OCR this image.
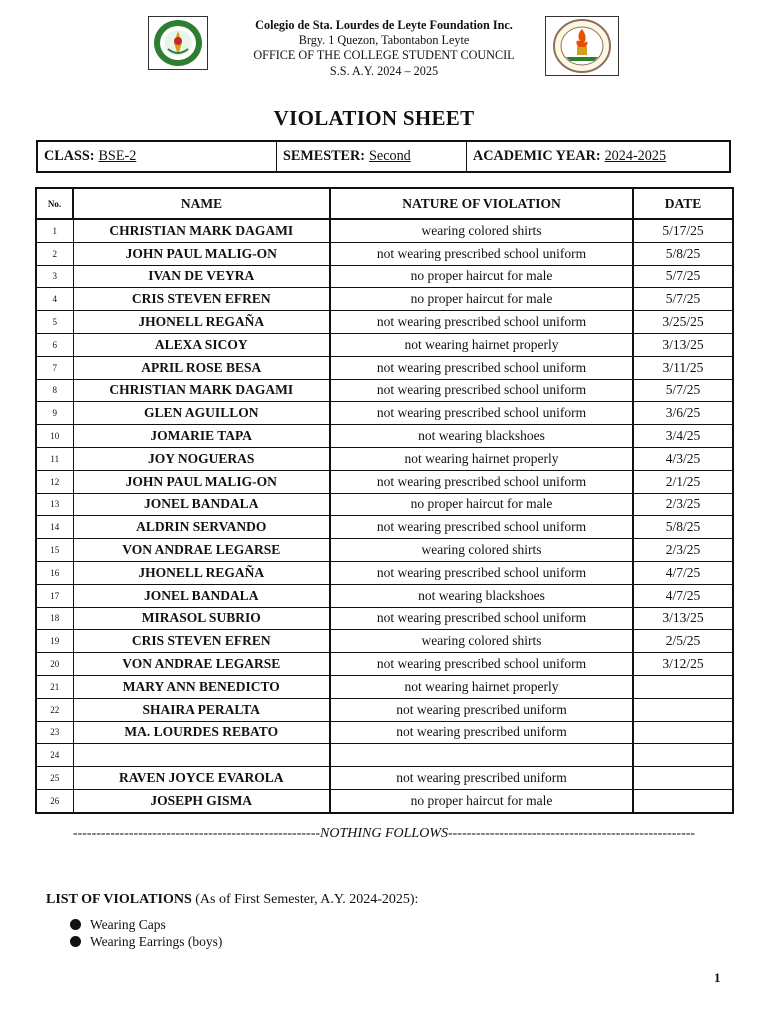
Colegio de Sta. Lourdes de Leyte Foundation Inc.
Brgy. 1 Quezon, Tabontabon Leyte
OFFICE OF THE COLLEGE STUDENT COUNCIL
S.S. A.Y. 2024 – 2025
VIOLATION SHEET
CLASS: BSE-2	SEMESTER: Second	ACADEMIC YEAR: 2024-2025
No.	NAME	NATURE OF VIOLATION	DATE
1	CHRISTIAN MARK DAGAMI	wearing colored shirts	5/17/25
2	JOHN PAUL MALIG-ON	not wearing prescribed school uniform	5/8/25
3	IVAN DE VEYRA	no proper haircut for male	5/7/25
4	CRIS STEVEN EFREN	no proper haircut for male	5/7/25
5	JHONELL REGAÑA	not wearing prescribed school uniform	3/25/25
6	ALEXA SICOY	not wearing hairnet properly	3/13/25
7	APRIL ROSE BESA	not wearing prescribed school uniform	3/11/25
8	CHRISTIAN MARK DAGAMI	not wearing prescribed school uniform	5/7/25
9	GLEN AGUILLON	not wearing prescribed school uniform	3/6/25
10	JOMARIE TAPA	not wearing blackshoes	3/4/25
11	JOY NOGUERAS	not wearing hairnet properly	4/3/25
12	JOHN PAUL MALIG-ON	not wearing prescribed school uniform	2/1/25
13	JONEL BANDALA	no proper haircut for male	2/3/25
14	ALDRIN SERVANDO	not wearing prescribed school uniform	5/8/25
15	VON ANDRAE LEGARSE	wearing colored shirts	2/3/25
16	JHONELL REGAÑA	not wearing prescribed school uniform	4/7/25
17	JONEL BANDALA	not wearing blackshoes	4/7/25
18	MIRASOL SUBRIO	not wearing prescribed school uniform	3/13/25
19	CRIS STEVEN EFREN	wearing colored shirts	2/5/25
20	VON ANDRAE LEGARSE	not wearing prescribed school uniform	3/12/25
21	MARY ANN BENEDICTO	not wearing hairnet properly	
22	SHAIRA PERALTA	not wearing prescribed uniform	
23	MA. LOURDES REBATO	not wearing prescribed uniform	
24			
25	RAVEN JOYCE EVAROLA	not wearing prescribed uniform	
26	JOSEPH GISMA	no proper haircut for male	
-----------------------------------------------------NOTHING FOLLOWS-----------------------------------------------------
LIST OF VIOLATIONS (As of First Semester, A.Y. 2024-2025):
Wearing Caps
Wearing Earrings (boys)
1
